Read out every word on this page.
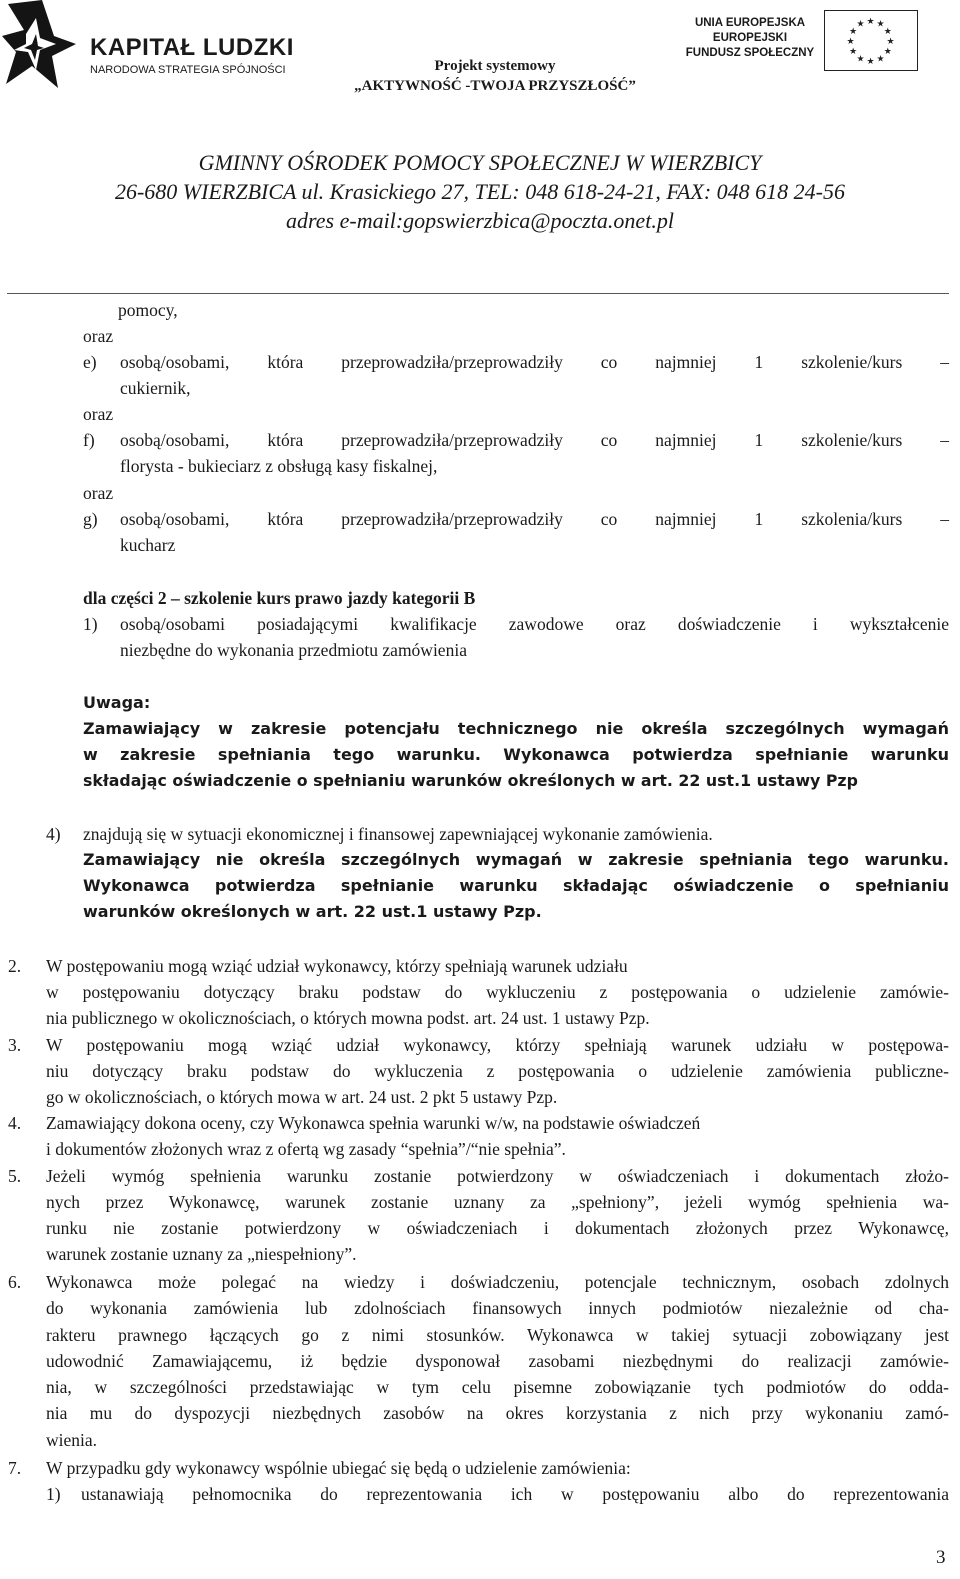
KAPITAŁ LUDZKI
NARODOWA STRATEGIA SPÓJNOŚCI	Projekt systemowy
„AKTYWNOŚĆ -TWOJA PRZYSZŁOŚĆ”
UNIA EUROPEJSKA
EUROPEJSKI
FUNDUSZ SPOŁECZNY
★ ★
★
★
★
★
★
★
★
★
★
★
GMINNY OŚRODEK POMOCY SPOŁECZNEJ W WIERZBICY
26-680 WIERZBICA ul. Krasickiego 27, TEL: 048 618-24-21, FAX: 048 618 24-56
adres e-mail:gopswierzbica@poczta.onet.pl
pomocy,
oraz
e) osobą/osobami, która przeprowadziła/przeprowadziły co najmniej 1 szkolenie/kurs –
cukiernik,
oraz
f) osobą/osobami, która przeprowadziła/przeprowadziły co najmniej 1 szkolenie/kurs –
florysta - bukieciarz z obsługą kasy fiskalnej,
oraz
g) osobą/osobami, która przeprowadziła/przeprowadziły co najmniej 1 szkolenia/kurs –
kucharz
dla części 2 – szkolenie kurs prawo jazdy kategorii B
1) osobą/osobami posiadającymi kwalifikacje zawodowe oraz doświadczenie i wykształcenie
niezbędne do wykonania przedmiotu zamówienia
Uwaga:
Zamawiający w zakresie potencjału technicznego nie określa szczególnych wymagań
w zakresie spełniania tego warunku. Wykonawca potwierdza spełnianie warunku
składając oświadczenie o spełnianiu warunków określonych w art. 22 ust.1 ustawy Pzp
4) znajdują się w sytuacji ekonomicznej i finansowej zapewniającej wykonanie zamówienia.
Zamawiający nie określa szczególnych wymagań w zakresie spełniania tego warunku.
Wykonawca potwierdza spełnianie warunku składając oświadczenie o spełnianiu
warunków określonych w art. 22 ust.1 ustawy Pzp.
2. W postępowaniu mogą wziąć udział wykonawcy, którzy spełniają warunek udziału
w postępowaniu dotyczący braku podstaw do wykluczeniu z postępowania o udzielenie zamówie-
nia publicznego w okolicznościach, o których mowna podst. art. 24 ust. 1 ustawy Pzp.
3. W postępowaniu mogą wziąć udział wykonawcy, którzy spełniają warunek udziału w postępowa-
niu dotyczący braku podstaw do wykluczenia z postępowania o udzielenie zamówienia publiczne-
go w okolicznościach, o których mowa w art. 24 ust. 2 pkt 5 ustawy Pzp.
4. Zamawiający dokona oceny, czy Wykonawca spełnia warunki w/w, na podstawie oświadczeń
i dokumentów złożonych wraz z ofertą wg zasady “spełnia”/“nie spełnia”.
5. Jeżeli wymóg spełnienia warunku zostanie potwierdzony w oświadczeniach i dokumentach złożo-
nych przez Wykonawcę, warunek zostanie uznany za „spełniony”, jeżeli wymóg spełnienia wa-
runku nie zostanie potwierdzony w oświadczeniach i dokumentach złożonych przez Wykonawcę,
warunek zostanie uznany za „niespełniony”.
6. Wykonawca może polegać na wiedzy i doświadczeniu, potencjale technicznym, osobach zdolnych
do wykonania zamówienia lub zdolnościach finansowych innych podmiotów niezależnie od cha-
rakteru prawnego łączących go z nimi stosunków. Wykonawca w takiej sytuacji zobowiązany jest
udowodnić Zamawiającemu, iż będzie dysponował zasobami niezbędnymi do realizacji zamówie-
nia, w szczególności przedstawiając w tym celu pisemne zobowiązanie tych podmiotów do odda-
nia mu do dyspozycji niezbędnych zasobów na okres korzystania z nich przy wykonaniu zamó-
wienia.
7. W przypadku gdy wykonawcy wspólnie ubiegać się będą o udzielenie zamówienia:
1) ustanawiają pełnomocnika do reprezentowania ich w postępowaniu albo do reprezentowania
3
